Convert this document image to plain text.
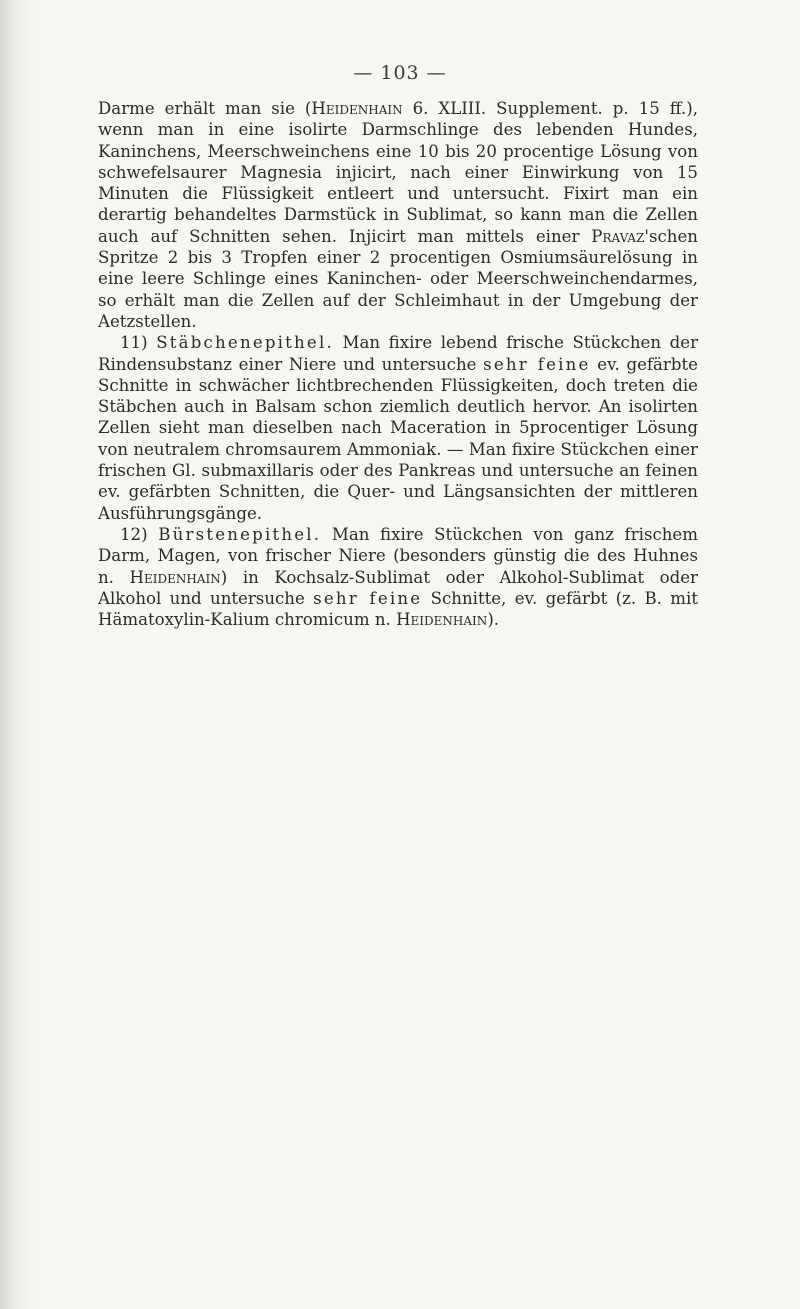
— 103 —

Darme erhält man sie (Heidenhain 6. XLIII. Supplement. p. 15 ff.), wenn man in eine isolirte Darmschlinge des lebenden Hundes, Kaninchens, Meerschweinchens eine 10 bis 20 procentige Lösung von schwefelsaurer Magnesia injicirt, nach einer Einwirkung von 15 Minuten die Flüssigkeit entleert und untersucht. Fixirt man ein derartig behandeltes Darmstück in Sublimat, so kann man die Zellen auch auf Schnitten sehen. Injicirt man mittels einer Pravaz'schen Spritze 2 bis 3 Tropfen einer 2 procentigen Osmiumsäurelösung in eine leere Schlinge eines Kaninchen- oder Meerschweinchendarmes, so erhält man die Zellen auf der Schleimhaut in der Umgebung der Aetzstellen.

11) Stäbchenepithel. Man fixire lebend frische Stückchen der Rindensubstanz einer Niere und untersuche sehr feine ev. gefärbte Schnitte in schwächer lichtbrechenden Flüssigkeiten, doch treten die Stäbchen auch in Balsam schon ziemlich deutlich hervor. An isolirten Zellen sieht man dieselben nach Maceration in 5procentiger Lösung von neutralem chromsaurem Ammoniak. — Man fixire Stückchen einer frischen Gl. submaxillaris oder des Pankreas und untersuche an feinen ev. gefärbten Schnitten, die Quer- und Längsansichten der mittleren Ausführungsgänge.

12) Bürstenepithel. Man fixire Stückchen von ganz frischem Darm, Magen, von frischer Niere (besonders günstig die des Huhnes n. Heidenhain) in Kochsalz-Sublimat oder Alkohol-Sublimat oder Alkohol und untersuche sehr feine Schnitte, ev. gefärbt (z. B. mit Hämatoxylin-Kalium chromicum n. Heidenhain).
